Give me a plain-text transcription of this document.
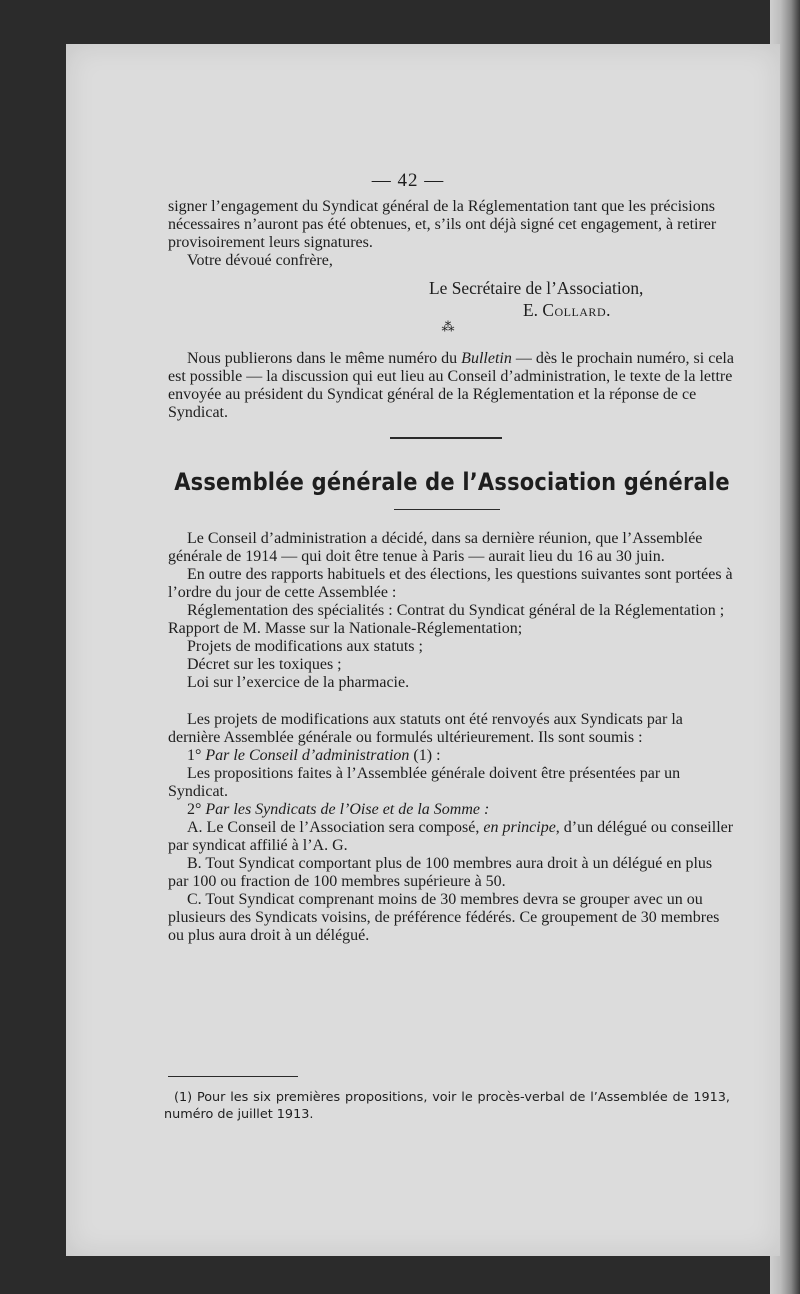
— 42 —

signer l’engagement du Syndicat général de la Réglementation tant que les précisions nécessaires n’auront pas été obtenues, et, s’ils ont déjà signé cet engagement, à retirer provisoirement leurs signatures.

Votre dévoué confrère,

Le Secrétaire de l’Association,
E. Collard.
⁂

Nous publierons dans le même numéro du Bulletin — dès le prochain numéro, si cela est possible — la discussion qui eut lieu au Conseil d’administration, le texte de la lettre envoyée au président du Syndicat général de la Réglementation et la réponse de ce Syndicat.

Assemblée générale de l’Association générale

Le Conseil d’administration a décidé, dans sa dernière réunion, que l’Assemblée générale de 1914 — qui doit être tenue à Paris — aurait lieu du 16 au 30 juin.

En outre des rapports habituels et des élections, les questions suivantes sont portées à l’ordre du jour de cette Assemblée :

Réglementation des spécialités : Contrat du Syndicat général de la Réglementation ; Rapport de M. Masse sur la Nationale-Réglementation;

Projets de modifications aux statuts ;

Décret sur les toxiques ;

Loi sur l’exercice de la pharmacie.

Les projets de modifications aux statuts ont été renvoyés aux Syndicats par la dernière Assemblée générale ou formulés ultérieurement. Ils sont soumis :

1° Par le Conseil d’administration (1) :

Les propositions faites à l’Assemblée générale doivent être présentées par un Syndicat.

2° Par les Syndicats de l’Oise et de la Somme :

A. Le Conseil de l’Association sera composé, en principe, d’un délégué ou conseiller par syndicat affilié à l’A. G.

B. Tout Syndicat comportant plus de 100 membres aura droit à un délégué en plus par 100 ou fraction de 100 membres supérieure à 50.

C. Tout Syndicat comprenant moins de 30 membres devra se grouper avec un ou plusieurs des Syndicats voisins, de préférence fédérés. Ce groupement de 30 membres ou plus aura droit à un délégué.

(1) Pour les six premières propositions, voir le procès-verbal de l’Assemblée de 1913, numéro de juillet 1913.
